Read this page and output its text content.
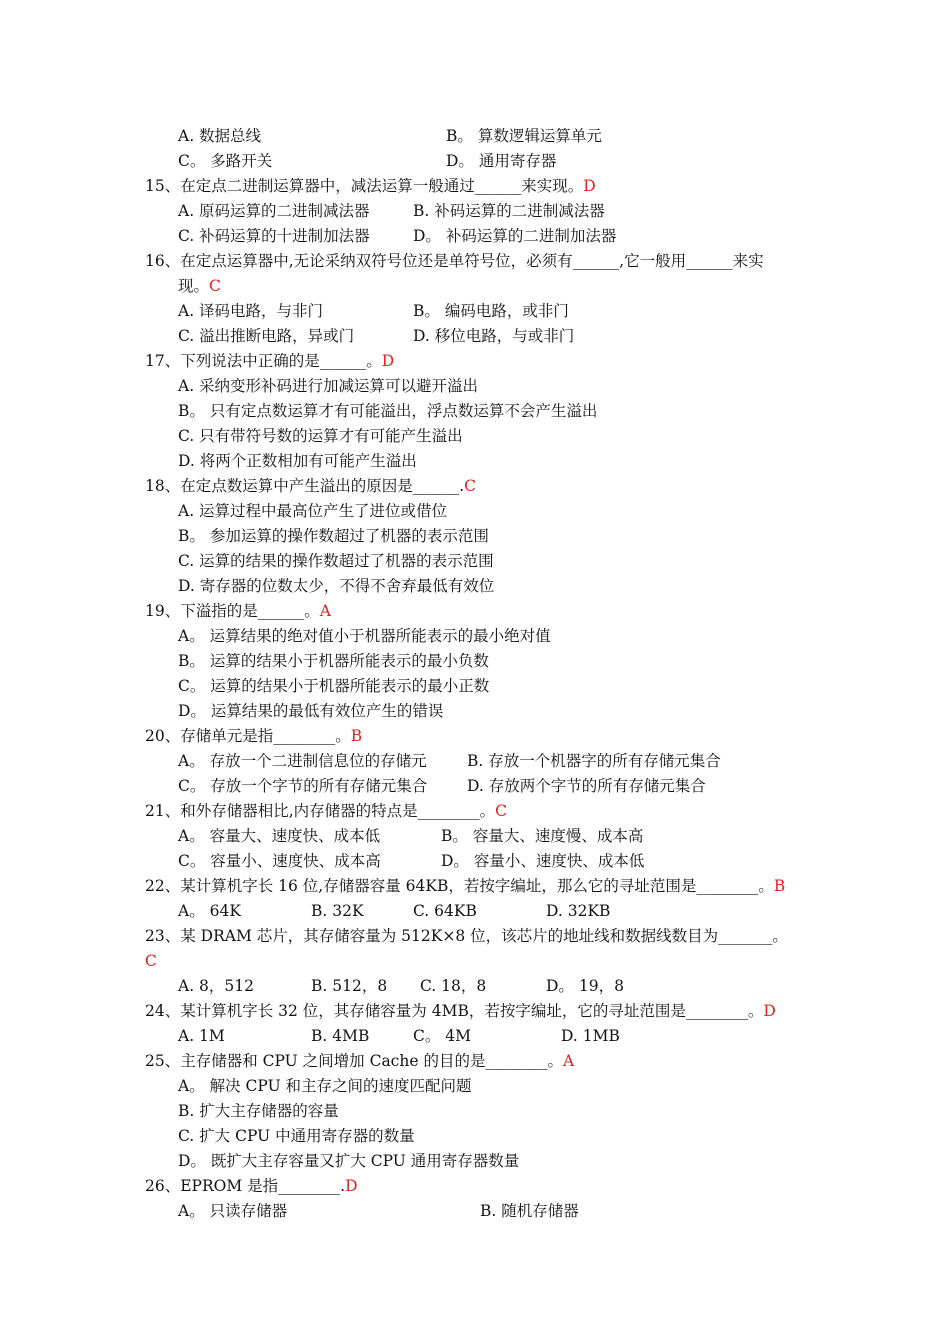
A. 数据总线	B。 算数逻辑运算单元
C。 多路开关	D。 通用寄存器
15、在定点二进制运算器中，减法运算一般通过______来实现。D
A. 原码运算的二进制减法器	B. 补码运算的二进制减法器
C. 补码运算的十进制加法器	D。 补码运算的二进制加法器
16、在定点运算器中,无论采纳双符号位还是单符号位，必须有______,它一般用______来实
现。C
A. 译码电路，与非门	B。 编码电路，或非门
C. 溢出推断电路，异或门	D. 移位电路，与或非门
17、下列说法中正确的是______。D
A. 采纳变形补码进行加减运算可以避开溢出
B。 只有定点数运算才有可能溢出，浮点数运算不会产生溢出
C. 只有带符号数的运算才有可能产生溢出
D. 将两个正数相加有可能产生溢出
18、在定点数运算中产生溢出的原因是______.C
A. 运算过程中最高位产生了进位或借位
B。 参加运算的操作数超过了机器的表示范围
C. 运算的结果的操作数超过了机器的表示范围
D. 寄存器的位数太少，不得不舍弃最低有效位
19、下溢指的是______。A
A。 运算结果的绝对值小于机器所能表示的最小绝对值
B。 运算的结果小于机器所能表示的最小负数
C。 运算的结果小于机器所能表示的最小正数
D。 运算结果的最低有效位产生的错误
20、存储单元是指________。B
A。 存放一个二进制信息位的存储元	B. 存放一个机器字的所有存储元集合
C。 存放一个字节的所有存储元集合	D. 存放两个字节的所有存储元集合
21、和外存储器相比,内存储器的特点是________。C
A。 容量大、速度快、成本低	B。 容量大、速度慢、成本高
C。 容量小、速度快、成本高	D。 容量小、速度快、成本低
22、某计算机字长 16 位,存储器容量 64KB，若按字编址，那么它的寻址范围是________。B
A。 64K	B. 32K	C. 64KB	D. 32KB
23、某 DRAM 芯片，其存储容量为 512K×8 位，该芯片的地址线和数据线数目为_______。
C
A. 8，512	B. 512，8 C. 18，8	D。 19，8
24、某计算机字长 32 位，其存储容量为 4MB，若按字编址，它的寻址范围是________。D
A. 1M	B. 4MB	C。 4M	D. 1MB
25、主存储器和 CPU 之间增加 Cache 的目的是________。A
A。 解决 CPU 和主存之间的速度匹配问题
B. 扩大主存储器的容量
C. 扩大 CPU 中通用寄存器的数量
D。 既扩大主存容量又扩大 CPU 通用寄存器数量
26、EPROM 是指________.D
A。 只读存储器	B. 随机存储器
